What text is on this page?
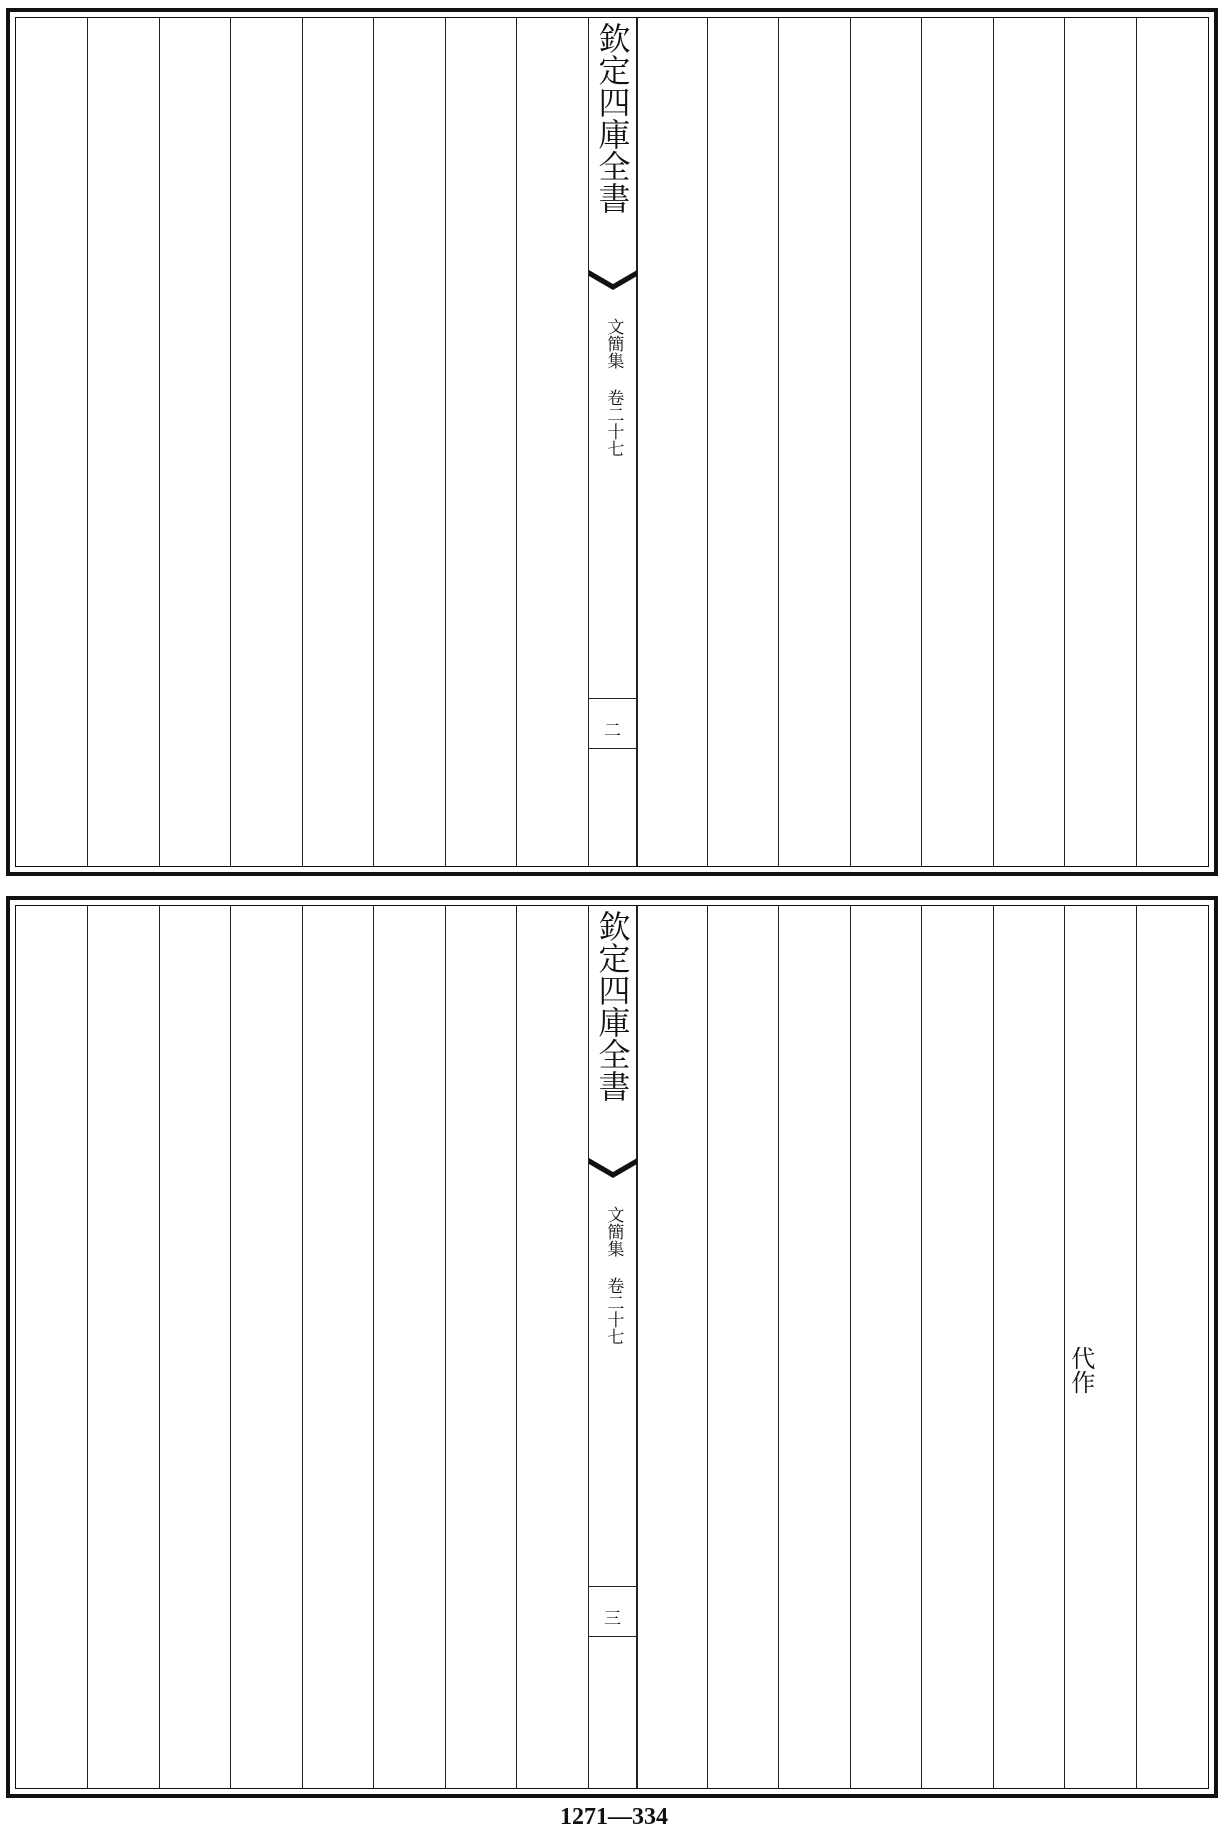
欽定四庫全書
文簡集 卷二十七
二
代作
欽定四庫全書
文簡集 卷二十七
三
1271—334
